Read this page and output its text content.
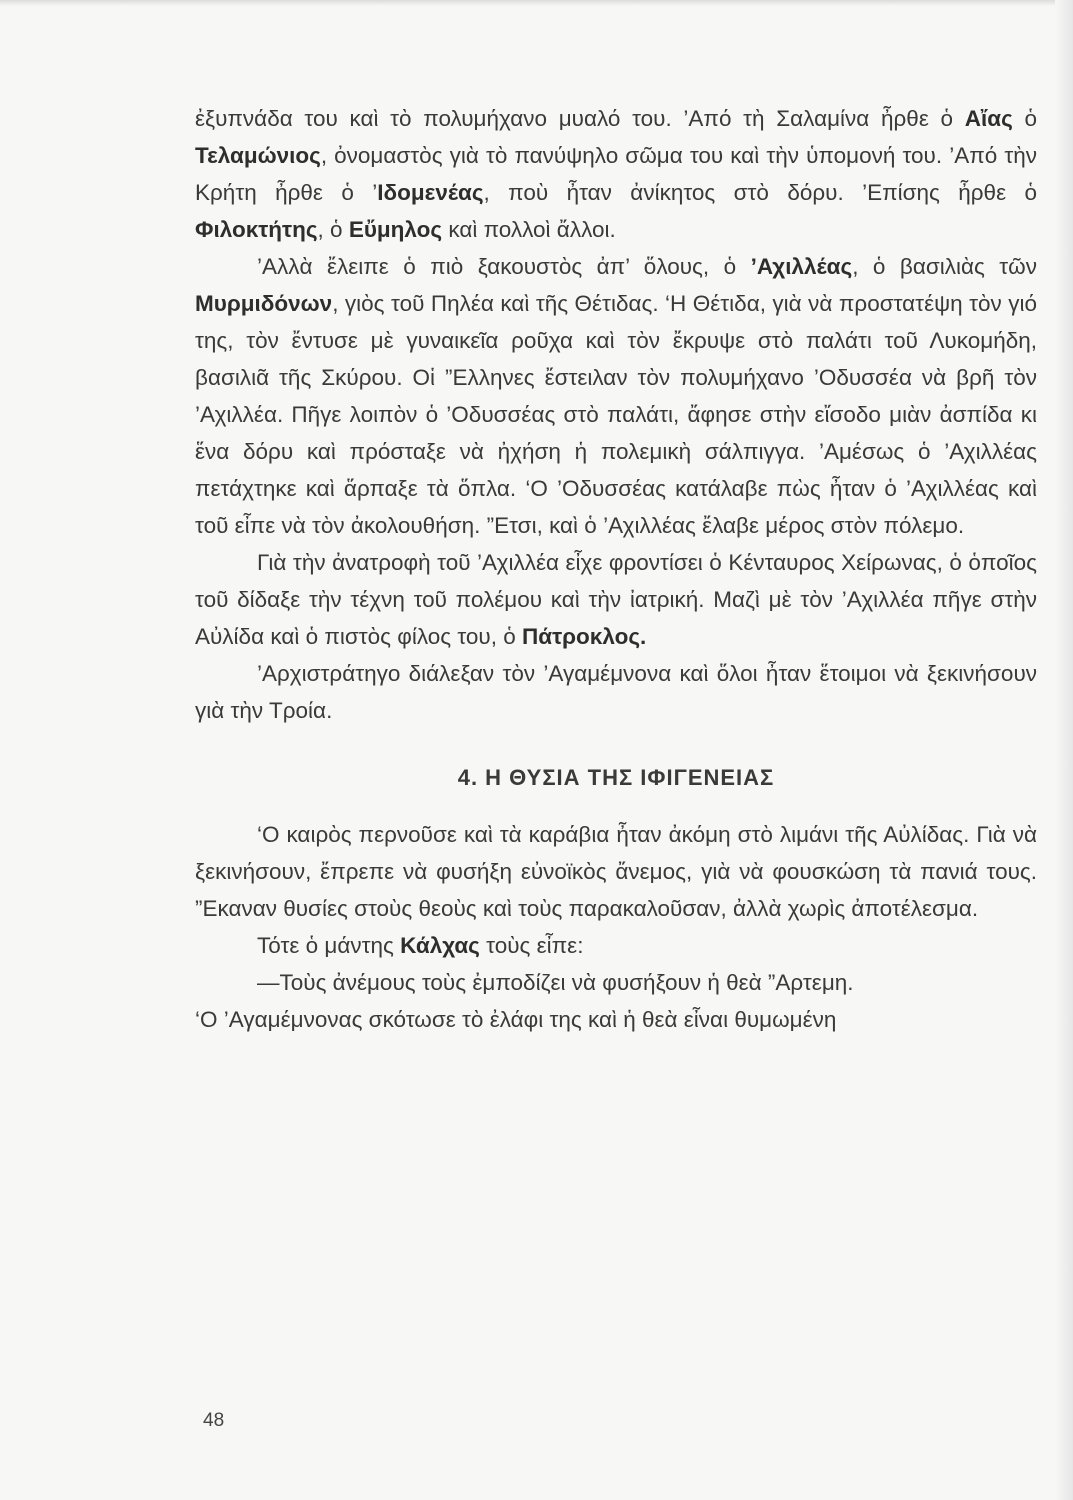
ἐξυπνάδα του καὶ τὸ πολυμήχανο μυαλό του. ’Από τὴ Σαλαμίνα ἦρθε ὁ Αἴας ὁ Τελαμώνιος, ὀνομαστὸς γιὰ τὸ πανύψηλο σῶμα του καὶ τὴν ὑπομονή του. ’Από τὴν Κρήτη ἦρθε ὁ ’Ιδομενέας, ποὺ ἦταν ἀνίκητος στὸ δόρυ. ’Επίσης ἦρθε ὁ Φιλοκτήτης, ὁ Εὔμηλος καὶ πολλοὶ ἄλλοι.

’Αλλὰ ἔλειπε ὁ πιὸ ξακουστὸς ἀπ’ ὅλους, ὁ ’Αχιλλέας, ὁ βασιλιὰς τῶν Μυρμιδόνων, γιὸς τοῦ Πηλέα καὶ τῆς Θέτιδας. ‘Η Θέτιδα, γιὰ νὰ προστατέψη τὸν γιό της, τὸν ἔντυσε μὲ γυναικεῖα ροῦχα καὶ τὸν ἔκρυψε στὸ παλάτι τοῦ Λυκομήδη, βασιλιᾶ τῆς Σκύρου. Οἱ ”Ελληνες ἔστειλαν τὸν πολυμήχανο ’Οδυσσέα νὰ βρῆ τὸν ’Αχιλλέα. Πῆγε λοιπὸν ὁ ’Οδυσσέας στὸ παλάτι, ἄφησε στὴν εἴσοδο μιὰν ἀσπίδα κι ἕνα δόρυ καὶ πρόσταξε νὰ ἠχήση ἡ πολεμικὴ σάλπιγγα. ’Αμέσως ὁ ’Αχιλλέας πετάχτηκε καὶ ἅρπαξε τὰ ὅπλα. ‘Ο ’Οδυσσέας κατάλαβε πὼς ἦταν ὁ ’Αχιλλέας καὶ τοῦ εἶπε νὰ τὸν ἀκολουθήση. ”Ετσι, καὶ ὁ ’Αχιλλέας ἔλαβε μέρος στὸν πόλεμο.

Γιὰ τὴν ἀνατροφὴ τοῦ ’Αχιλλέα εἶχε φροντίσει ὁ Κένταυρος Χείρωνας, ὁ ὁποῖος τοῦ δίδαξε τὴν τέχνη τοῦ πολέμου καὶ τὴν ἰατρική. Μαζὶ μὲ τὸν ’Αχιλλέα πῆγε στὴν Αὐλίδα καὶ ὁ πιστὸς φίλος του, ὁ Πάτροκλος.

’Αρχιστράτηγο διάλεξαν τὸν ’Αγαμέμνονα καὶ ὅλοι ἦταν ἕτοιμοι νὰ ξεκινήσουν γιὰ τὴν Τροία.

4. Η ΘΥΣΙΑ ΤΗΣ ΙΦΙΓΕΝΕΙΑΣ

‘Ο καιρὸς περνοῦσε καὶ τὰ καράβια ἦταν ἀκόμη στὸ λιμάνι τῆς Αὐλίδας. Γιὰ νὰ ξεκινήσουν, ἔπρεπε νὰ φυσήξη εὐνοϊκὸς ἄνεμος, γιὰ νὰ φουσκώση τὰ πανιά τους. ”Εκαναν θυσίες στοὺς θεοὺς καὶ τοὺς παρακαλοῦσαν, ἀλλὰ χωρὶς ἀποτέλεσμα.

Τότε ὁ μάντης Κάλχας τοὺς εἶπε:

—Τοὺς ἀνέμους τοὺς ἐμποδίζει νὰ φυσήξουν ἡ θεὰ ”Αρτεμη.

‘Ο ’Αγαμέμνονας σκότωσε τὸ ἐλάφι της καὶ ἡ θεὰ εἶναι θυμωμένη

48
